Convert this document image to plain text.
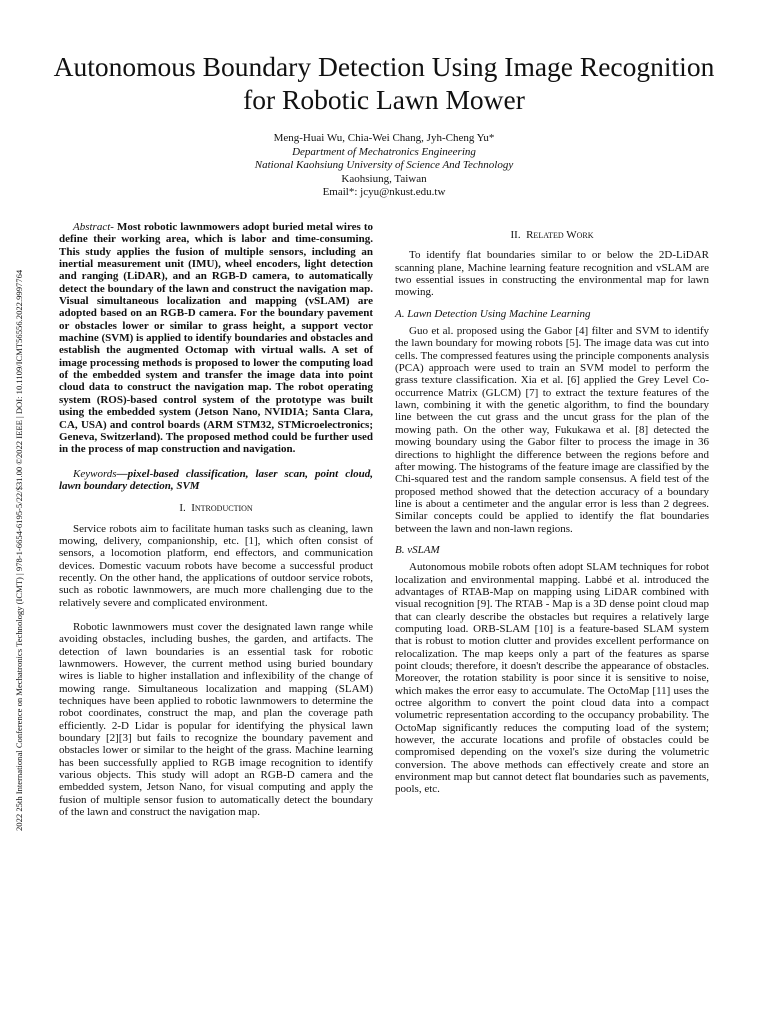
Autonomous Boundary Detection Using Image Recognition for Robotic Lawn Mower
Meng-Huai Wu, Chia-Wei Chang, Jyh-Cheng Yu*
Department of Mechatronics Engineering
National Kaohsiung University of Science And Technology
Kaohsiung, Taiwan
Email*: jcyu@nkust.edu.tw
2022 25th International Conference on Mechatronics Technology (ICMT) | 978-1-6654-6195-5/22/$31.00 ©2022 IEEE | DOI: 10.1109/ICMT56556.2022.9997764

Abstract- Most robotic lawnmowers adopt buried metal wires to define their working area, which is labor and time-consuming. This study applies the fusion of multiple sensors, including an inertial measurement unit (IMU), wheel encoders, light detection and ranging (LiDAR), and an RGB-D camera, to automatically detect the boundary of the lawn and construct the navigation map. Visual simultaneous localization and mapping (vSLAM) are adopted based on an RGB-D camera. For the boundary pavement or obstacles lower or similar to grass height, a support vector machine (SVM) is applied to identify boundaries and obstacles and establish the augmented Octomap with virtual walls. A set of image processing methods is proposed to lower the computing load of the embedded system and transfer the image data into point cloud data to construct the navigation map. The robot operating system (ROS)-based control system of the prototype was built using the embedded system (Jetson Nano, NVIDIA; Santa Clara, CA, USA) and control boards (ARM STM32, STMicroelectronics; Geneva, Switzerland). The proposed method could be further used in the process of map construction and navigation.

Keywords—pixel-based classification, laser scan, point cloud, lawn boundary detection, SVM

I. Introduction

Service robots aim to facilitate human tasks such as cleaning, lawn mowing, delivery, companionship, etc. [1], which often consist of sensors, a locomotion platform, end effectors, and communication devices. Domestic vacuum robots have become a successful product recently. On the other hand, the applications of outdoor service robots, such as robotic lawnmowers, are much more challenging due to the relatively severe and complicated environment.

Robotic lawnmowers must cover the designated lawn range while avoiding obstacles, including bushes, the garden, and artifacts. The detection of lawn boundaries is an essential task for robotic lawnmowers. However, the current method using buried boundary wires is liable to higher installation and inflexibility of the change of mowing range. Simultaneous localization and mapping (SLAM) techniques have been applied to robotic lawnmowers to determine the robot coordinates, construct the map, and plan the coverage path efficiently. 2-D Lidar is popular for identifying the physical lawn boundary [2][3] but fails to recognize the boundary pavement and obstacles lower or similar to the height of the grass. Machine learning has been successfully applied to RGB image recognition to identify various objects. This study will adopt an RGB-D camera and the embedded system, Jetson Nano, for visual computing and apply the fusion of multiple sensor fusion to automatically detect the boundary of the lawn and construct the navigation map.

II. Related Work

To identify flat boundaries similar to or below the 2D-LiDAR scanning plane, Machine learning feature recognition and vSLAM are two essential issues in constructing the environmental map for lawn mowing.

A. Lawn Detection Using Machine Learning

Guo et al. proposed using the Gabor [4] filter and SVM to identify the lawn boundary for mowing robots [5]. The image data was cut into cells. The compressed features using the principle components analysis (PCA) approach were used to train an SVM model to perform the grass texture classification. Xia et al. [6] applied the Grey Level Co-occurrence Matrix (GLCM) [7] to extract the texture features of the lawn, combining it with the genetic algorithm, to find the boundary line between the cut grass and the uncut grass for the plan of the mowing path. On the other way, Fukukawa et al. [8] detected the mowing boundary using the Gabor filter to process the image in 36 directions to highlight the difference between the regions before and after mowing. The histograms of the feature image are classified by the Chi-squared test and the random sample consensus. A field test of the proposed method showed that the detection accuracy of a boundary line is about a centimeter and the angular error is less than 2 degrees. Similar concepts could be applied to identify the flat boundaries between the lawn and non-lawn regions.

B. vSLAM

Autonomous mobile robots often adopt SLAM techniques for robot localization and environmental mapping. Labbé et al. introduced the advantages of RTAB-Map on mapping using LiDAR combined with visual recognition [9]. The RTAB - Map is a 3D dense point cloud map that can clearly describe the obstacles but requires a relatively large computing load. ORB-SLAM [10] is a feature-based SLAM system that is robust to motion clutter and provides excellent performance on relocalization. The map keeps only a part of the features as sparse point clouds; therefore, it doesn't describe the appearance of obstacles. Moreover, the rotation stability is poor since it is sensitive to noise, which makes the error easy to accumulate. The OctoMap [11] uses the octree algorithm to convert the point cloud data into a compact volumetric representation according to the occupancy probability. The OctoMap significantly reduces the computing load of the system; however, the accurate locations and profile of obstacles could be compromised depending on the voxel's size during the volumetric conversion. The above methods can effectively create and store an environment map but cannot detect flat boundaries such as pavements, pools, etc.
